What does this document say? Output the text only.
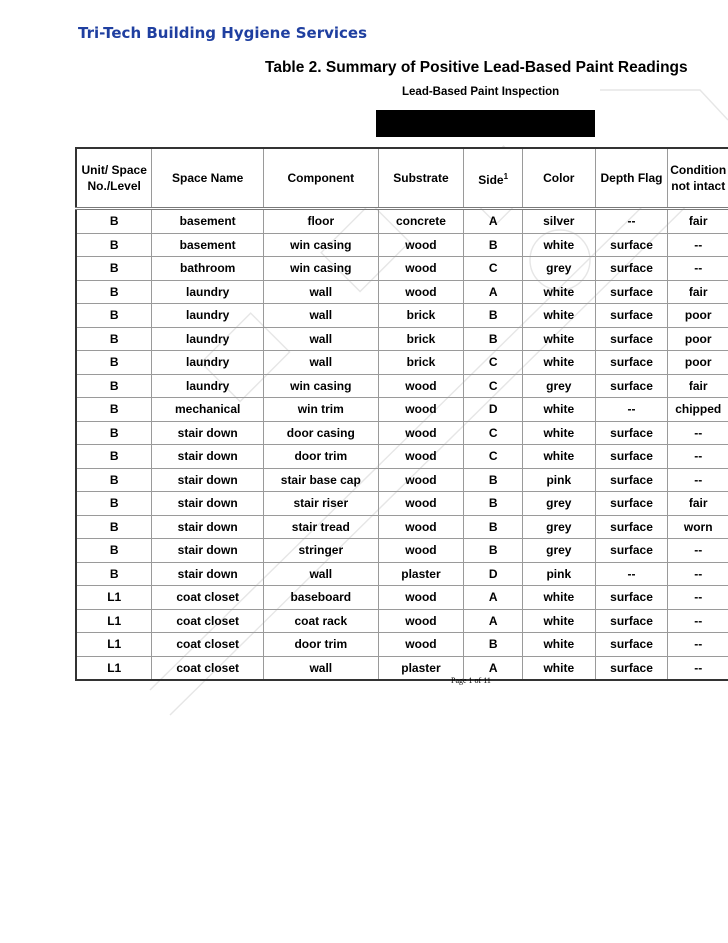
Tri-Tech Building Hygiene Services
Table 2. Summary of Positive Lead-Based Paint Readings
Lead-Based Paint Inspection
Unit/ Space
No./Level	Space Name	Component	Substrate	Side$^1$	Color	Depth Flag	Condition
not intact
B	basement	floor	concrete	A	silver	--	fair
B	basement	win casing	wood	B	white	surface	--
B	bathroom	win casing	wood	C	grey	surface	--
B	laundry	wall	wood	A	white	surface	fair
B	laundry	wall	brick	B	white	surface	poor
B	laundry	wall	brick	B	white	surface	poor
B	laundry	wall	brick	C	white	surface	poor
B	laundry	win casing	wood	C	grey	surface	fair
B	mechanical	win trim	wood	D	white	--	chipped
B	stair down	door casing	wood	C	white	surface	--
B	stair down	door trim	wood	C	white	surface	--
B	stair down	stair base cap	wood	B	pink	surface	--
B	stair down	stair riser	wood	B	grey	surface	fair
B	stair down	stair tread	wood	B	grey	surface	worn
B	stair down	stringer	wood	B	grey	surface	--
B	stair down	wall	plaster	D	pink	--	--
L1	coat closet	baseboard	wood	A	white	surface	--
L1	coat closet	coat rack	wood	A	white	surface	--
L1	coat closet	door trim	wood	B	white	surface	--
L1	coat closet	wall	plaster	A	white	surface	--
Page 1 of 11
